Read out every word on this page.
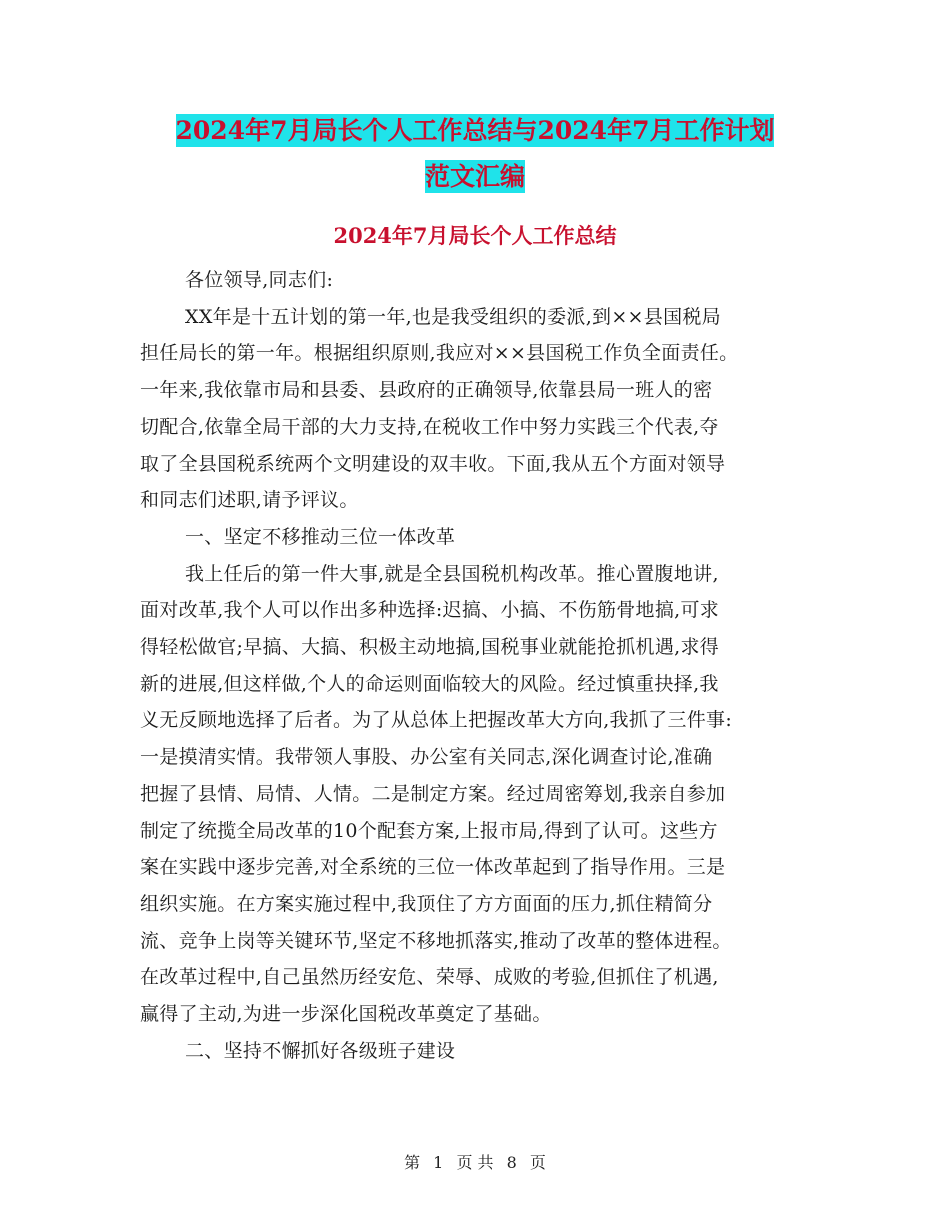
2024年7月局长个人工作总结与2024年7月工作计划
范文汇编
2024年7月局长个人工作总结

各位领导,同志们:

XX年是十五计划的第一年,也是我受组织的委派,到××县国税局

担任局长的第一年。根据组织原则,我应对××县国税工作负全面责任。

一年来,我依靠市局和县委、县政府的正确领导,依靠县局一班人的密

切配合,依靠全局干部的大力支持,在税收工作中努力实践三个代表,夺

取了全县国税系统两个文明建设的双丰收。下面,我从五个方面对领导

和同志们述职,请予评议。

一、坚定不移推动三位一体改革

我上任后的第一件大事,就是全县国税机构改革。推心置腹地讲,

面对改革,我个人可以作出多种选择:迟搞、小搞、不伤筋骨地搞,可求

得轻松做官;早搞、大搞、积极主动地搞,国税事业就能抢抓机遇,求得

新的进展,但这样做,个人的命运则面临较大的风险。经过慎重抉择,我

义无反顾地选择了后者。为了从总体上把握改革大方向,我抓了三件事:

一是摸清实情。我带领人事股、办公室有关同志,深化调查讨论,准确

把握了县情、局情、人情。二是制定方案。经过周密筹划,我亲自参加

制定了统揽全局改革的10个配套方案,上报市局,得到了认可。这些方

案在实践中逐步完善,对全系统的三位一体改革起到了指导作用。三是

组织实施。在方案实施过程中,我顶住了方方面面的压力,抓住精简分

流、竞争上岗等关键环节,坚定不移地抓落实,推动了改革的整体进程。

在改革过程中,自己虽然历经安危、荣辱、成败的考验,但抓住了机遇,

赢得了主动,为进一步深化国税改革奠定了基础。

二、坚持不懈抓好各级班子建设

第 1 页 共 8 页
